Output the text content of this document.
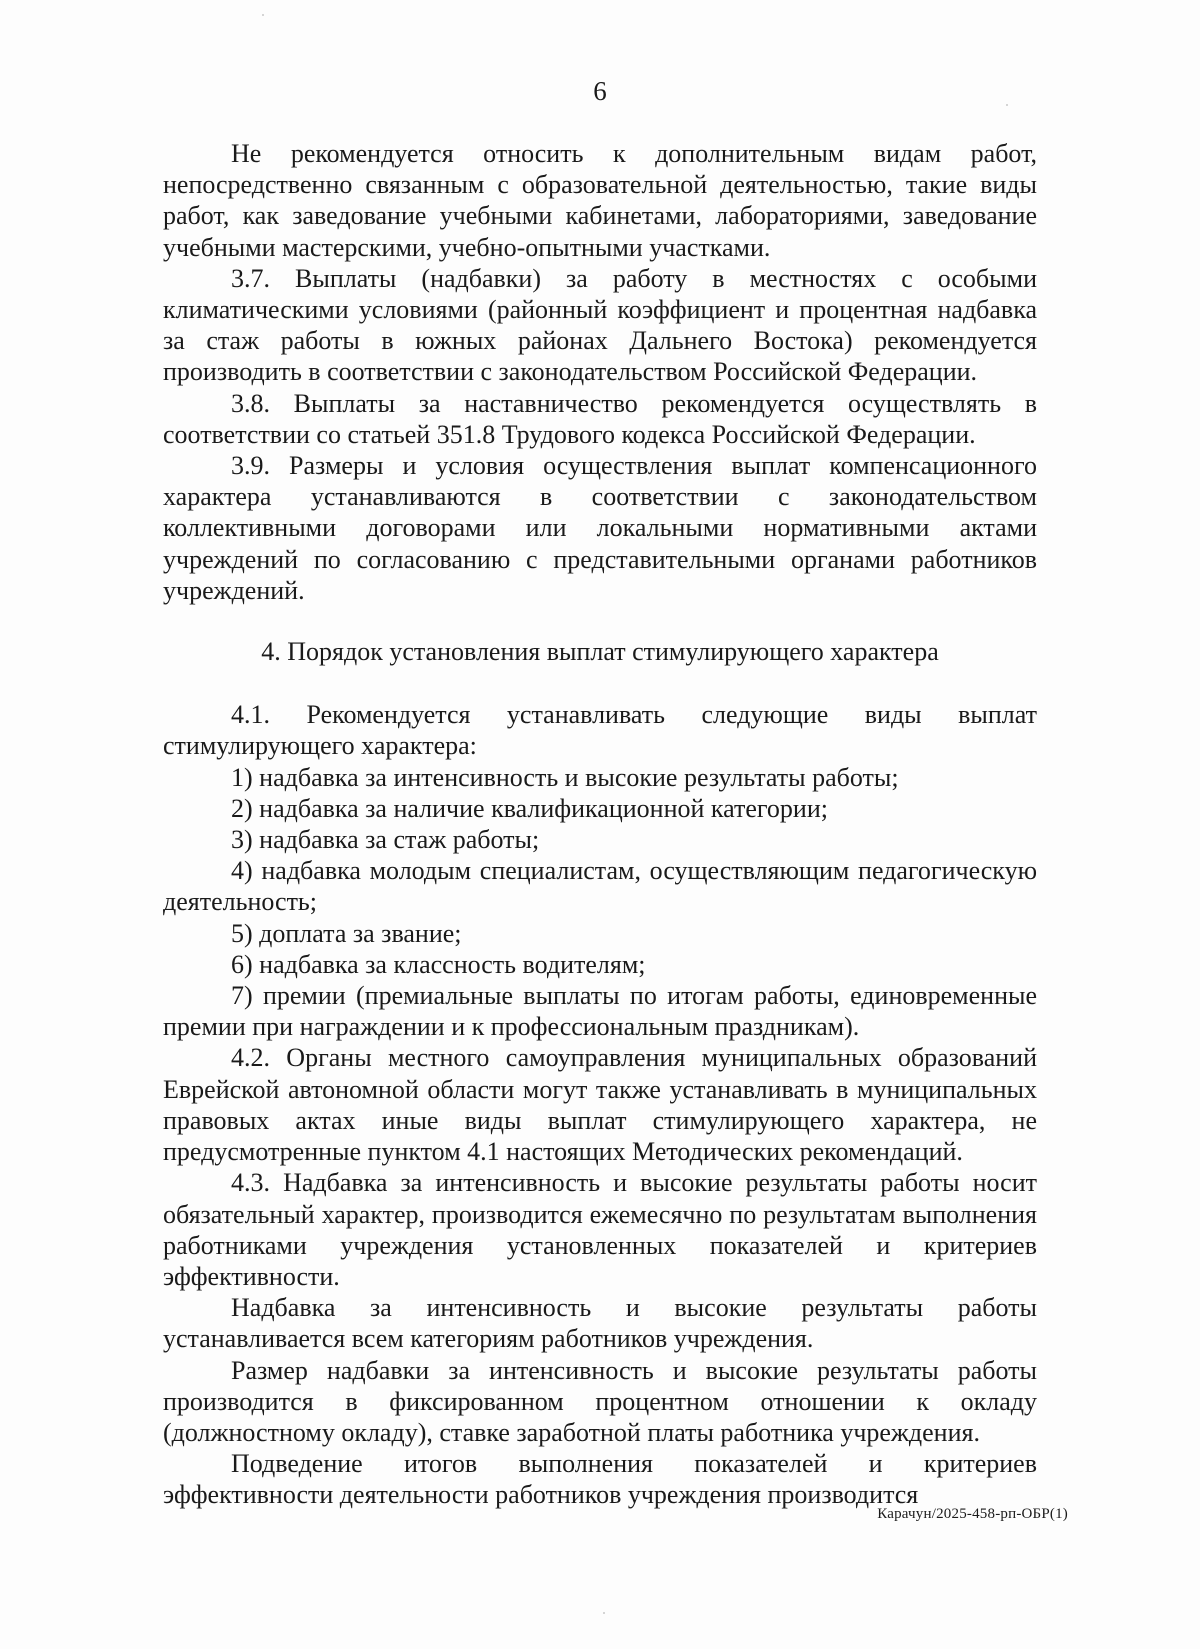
6

Не рекомендуется относить к дополнительным видам работ, непосредственно связанным с образовательной деятельностью, такие виды работ, как заведование учебными кабинетами, лабораториями, заведование учебными мастерскими, учебно-опытными участками.

3.7. Выплаты (надбавки) за работу в местностях с особыми климатическими условиями (районный коэффициент и процентная надбавка за стаж работы в южных районах Дальнего Востока) рекомендуется производить в соответствии с законодательством Российской Федерации.

3.8. Выплаты за наставничество рекомендуется осуществлять в соответствии со статьей 351.8 Трудового кодекса Российской Федерации.

3.9. Размеры и условия осуществления выплат компенсационного характера устанавливаются в соответствии с законодательством коллективными договорами или локальными нормативными актами учреждений по согласованию с представительными органами работников учреждений.

4. Порядок установления выплат стимулирующего характера

4.1. Рекомендуется устанавливать следующие виды выплат стимулирующего характера:

1) надбавка за интенсивность и высокие результаты работы;

2) надбавка за наличие квалификационной категории;

3) надбавка за стаж работы;

4) надбавка молодым специалистам, осуществляющим педагогическую деятельность;

5) доплата за звание;

6) надбавка за классность водителям;

7) премии (премиальные выплаты по итогам работы, единовременные премии при награждении и к профессиональным праздникам).

4.2. Органы местного самоуправления муниципальных образований Еврейской автономной области могут также устанавливать в муниципальных правовых актах иные виды выплат стимулирующего характера, не предусмотренные пунктом 4.1 настоящих Методических рекомендаций.

4.3. Надбавка за интенсивность и высокие результаты работы носит обязательный характер, производится ежемесячно по результатам выполнения работниками учреждения установленных показателей и критериев эффективности.

Надбавка за интенсивность и высокие результаты работы устанавливается всем категориям работников учреждения.

Размер надбавки за интенсивность и высокие результаты работы производится в фиксированном процентном отношении к окладу (должностному окладу), ставке заработной платы работника учреждения.

Подведение итогов выполнения показателей и критериев эффективности деятельности работников учреждения производится

Карачун/2025-458-рп-ОБР(1)
